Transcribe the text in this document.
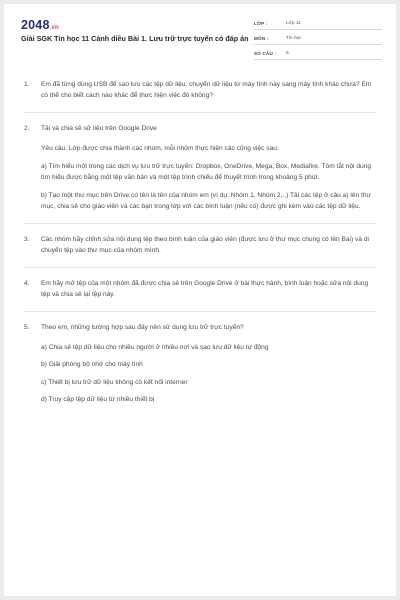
2048.vn
Giải SGK Tin học 11 Cánh diều Bài 1. Lưu trữ trực tuyến có đáp án
LỚP :	Lớp 11
MÔN :	Tin học
SỐ CÂU :	5
1. Em đã từng dùng USB để sao lưu các tệp dữ liệu, chuyển dữ liệu từ máy tính này sang máy tính khác chưa? Em có thể cho biết cách nào khác để thực hiện việc đó không?
2. Tải và chia sẻ sử liệu trên Google Drive
Yêu cầu: Lớp được chia thành các nhóm, mỗi nhóm thực hiện các công việc sau:
a) Tìm hiểu một trong các dịch vụ lưu trữ trực tuyến: Dropbox, OneDrive, Mega, Box, Mediafire. Tóm tắt nội dung tìm hiểu được bằng một tệp văn bản và một tệp trình chiếu để thuyết trình trong khoảng 5 phút.
b) Tạo một thư mục trên Drive có tên là tên của nhóm em (ví dụ: Nhóm 1, Nhóm 2,..) Tải các tệp ở câu a) lên thư mục, chia sẻ cho giáo viên và các bạn trong lớp với các bình luận (nếu có) được ghi kèm vào các tệp dữ liệu.
3. Các nhóm hãy chỉnh sửa nội dung tệp theo bình luận của giáo viên (được lưu ở thư mục chung có tên Bai) và di chuyển tệp vào thư mục của nhóm mình.
4. Em hãy mở tệp của một nhóm đã được chia sẻ trên Google Drive ở bài thực hành, bình luận hoặc sửa nội dung tệp và chia sẻ lại tệp này.
5. Theo em, những tường hợp sau đây nên sử dụng lưu trữ trực tuyến?
a) Chia sẻ tệp dữ liệu cho nhiều người ở nhiều nơi và sao lưu dữ liệu tự động
b) Giải phóng bộ nhớ cho máy tính
c) Thiết bị lưu trữ dữ liệu không có kết nối interner
d) Truy cập tệp dữ liệu từ nhiều thiết bị
